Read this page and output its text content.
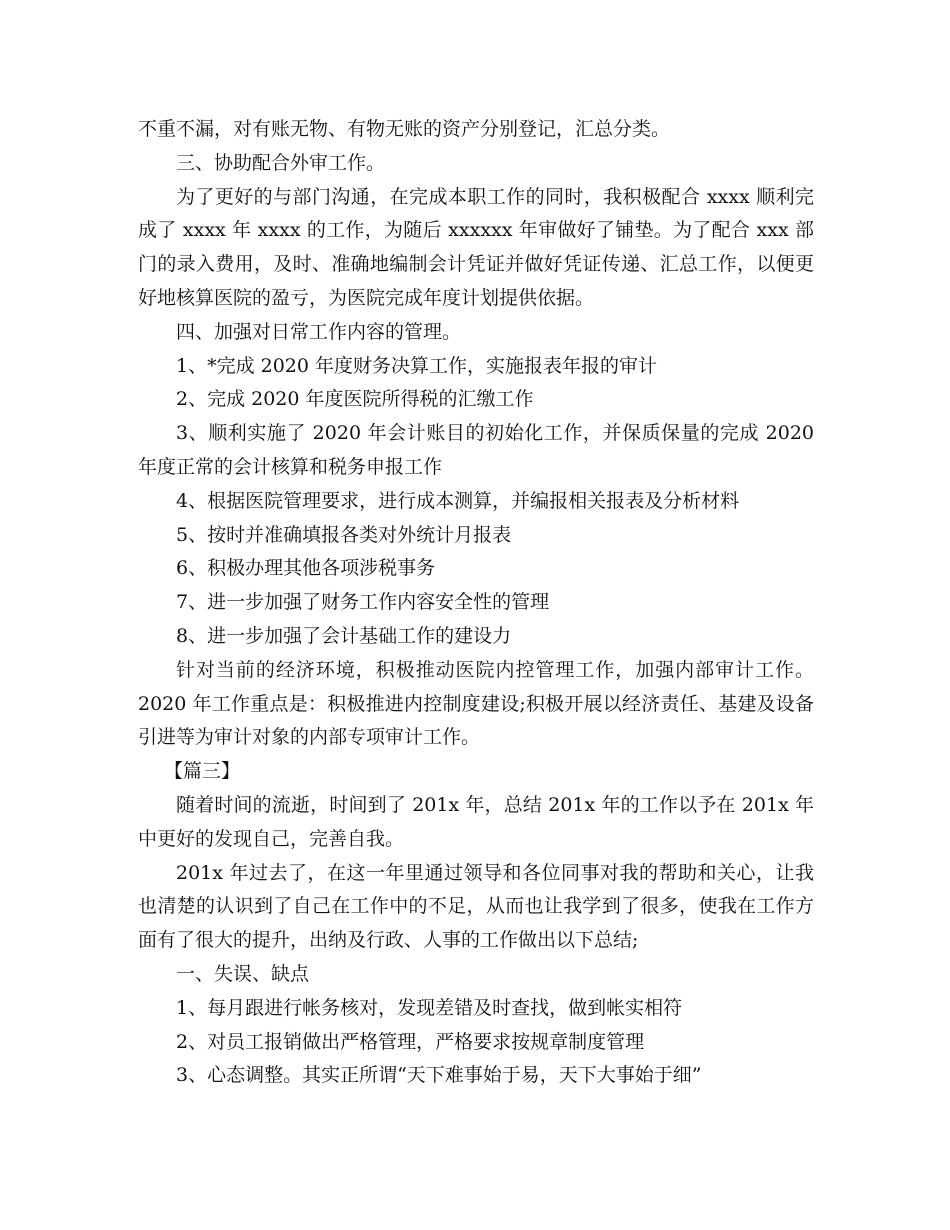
不重不漏，对有账无物、有物无账的资产分别登记，汇总分类。

三、协助配合外审工作。

为了更好的与部门沟通，在完成本职工作的同时，我积极配合 xxxx 顺利完成了 xxxx 年 xxxx 的工作，为随后 xxxxxx 年审做好了铺垫。为了配合 xxx 部门的录入费用，及时、准确地编制会计凭证并做好凭证传递、汇总工作，以便更好地核算医院的盈亏，为医院完成年度计划提供依据。

四、加强对日常工作内容的管理。

1、*完成 2020 年度财务决算工作，实施报表年报的审计

2、完成 2020 年度医院所得税的汇缴工作

3、顺利实施了 2020 年会计账目的初始化工作，并保质保量的完成 2020 年度正常的会计核算和税务申报工作

4、根据医院管理要求，进行成本测算，并编报相关报表及分析材料

5、按时并准确填报各类对外统计月报表

6、积极办理其他各项涉税事务

7、进一步加强了财务工作内容安全性的管理

8、进一步加强了会计基础工作的建设力

针对当前的经济环境，积极推动医院内控管理工作，加强内部审计工作。2020 年工作重点是：积极推进内控制度建设;积极开展以经济责任、基建及设备引进等为审计对象的内部专项审计工作。

【篇三】

随着时间的流逝，时间到了 201x 年，总结 201x 年的工作以予在 201x 年中更好的发现自己，完善自我。

201x 年过去了，在这一年里通过领导和各位同事对我的帮助和关心，让我也清楚的认识到了自己在工作中的不足，从而也让我学到了很多，使我在工作方面有了很大的提升，出纳及行政、人事的工作做出以下总结;

一、失误、缺点

1、每月跟进行帐务核对，发现差错及时查找，做到帐实相符

2、对员工报销做出严格管理，严格要求按规章制度管理

3、心态调整。其实正所谓“天下难事始于易，天下大事始于细”
